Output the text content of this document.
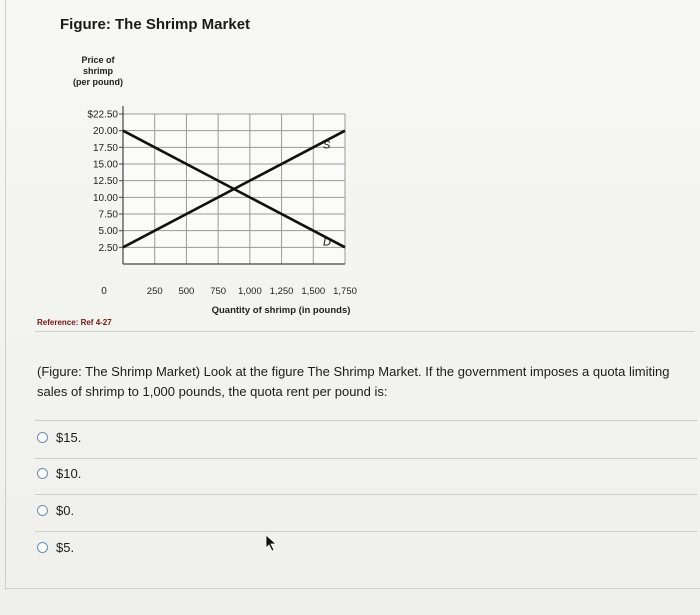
Figure: The Shrimp Market
Price of
shrimp
(per pound)
$22.50
20.00
17.50
15.00
12.50
10.00
7.50
5.00
2.50
0	250 500 750 1,000 1,250 1,500 1,750
Quantity of shrimp (in pounds)
S
D
Reference: Ref 4-27
(Figure: The Shrimp Market) Look at the figure The Shrimp Market. If the government imposes a quota limiting sales of shrimp to 1,000 pounds, the quota rent per pound is:
$15.
$10.
$0.
$5.
